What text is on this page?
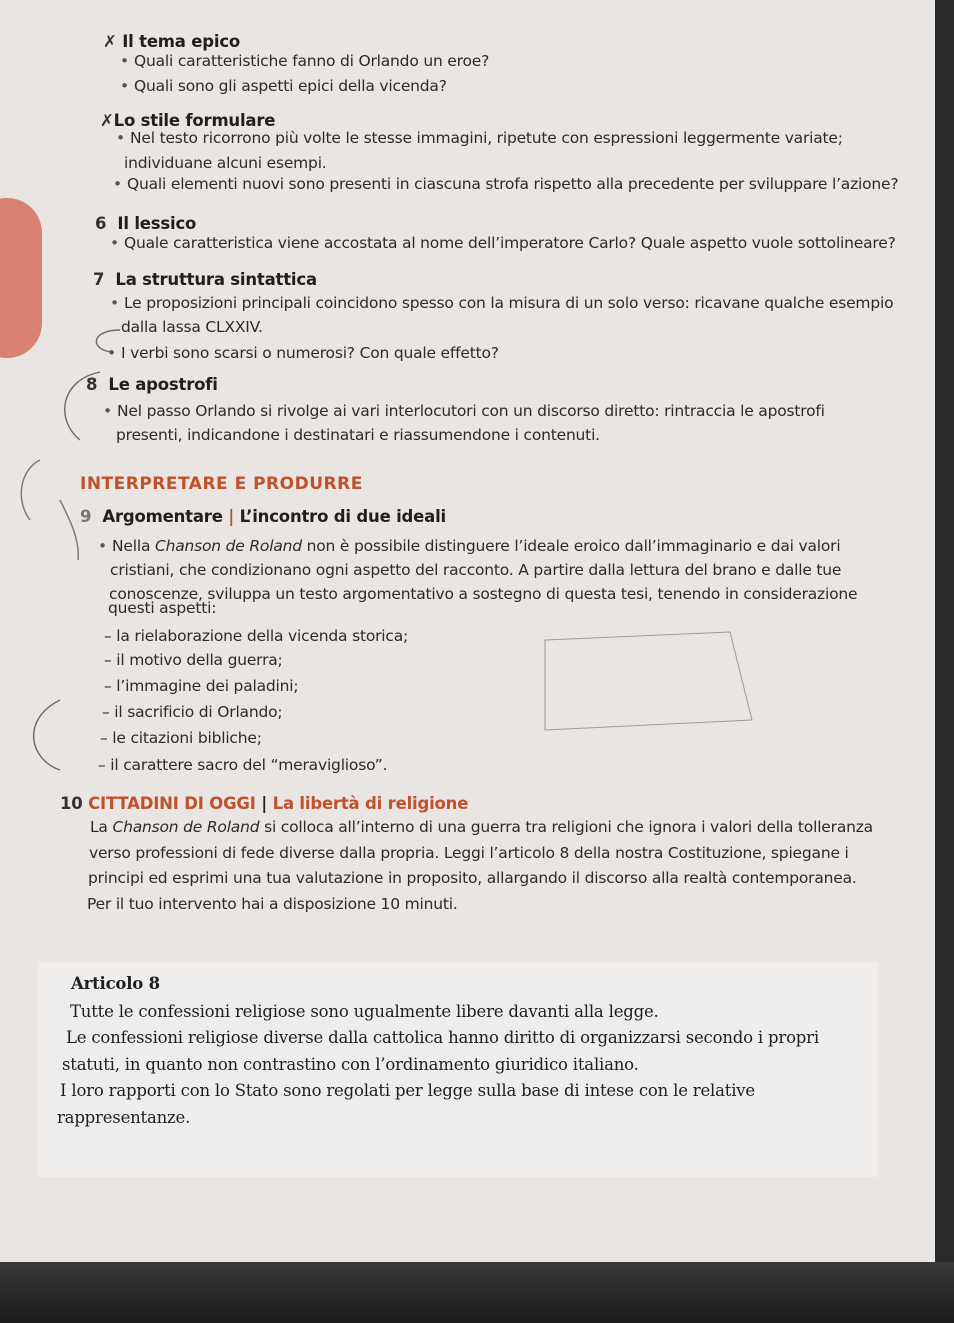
✗ Il tema epico
• Quali caratteristiche fanno di Orlando un eroe?
• Quali sono gli aspetti epici della vicenda?
✗Lo stile formulare
• Nel testo ricorrono più volte le stesse immagini, ripetute con espressioni leggermente variate;
individuane alcuni esempi.
• Quali elementi nuovi sono presenti in ciascuna strofa rispetto alla precedente per sviluppare l’azione?
6 Il lessico
• Quale caratteristica viene accostata al nome dell’imperatore Carlo? Quale aspetto vuole sottolineare?
7 La struttura sintattica
• Le proposizioni principali coincidono spesso con la misura di un solo verso: ricavane qualche esempio
dalla lassa CLXXIV.
• I verbi sono scarsi o numerosi? Con quale effetto?
8 Le apostrofi
• Nel passo Orlando si rivolge ai vari interlocutori con un discorso diretto: rintraccia le apostrofi
presenti, indicandone i destinatari e riassumendone i contenuti.
INTERPRETARE E PRODURRE
9 Argomentare | L’incontro di due ideali
• Nella Chanson de Roland non è possibile distinguere l’ideale eroico dall’immaginario e dai valori
cristiani, che condizionano ogni aspetto del racconto. A partire dalla lettura del brano e dalle tue
conoscenze, sviluppa un testo argomentativo a sostegno di questa tesi, tenendo in considerazione
questi aspetti:
– la rielaborazione della vicenda storica;
– il motivo della guerra;
– l’immagine dei paladini;
– il sacrificio di Orlando;
– le citazioni bibliche;
– il carattere sacro del “meraviglioso”.
10 CITTADINI DI OGGI | La libertà di religione
La Chanson de Roland si colloca all’interno di una guerra tra religioni che ignora i valori della tolleranza
verso professioni di fede diverse dalla propria. Leggi l’articolo 8 della nostra Costituzione, spiegane i
principi ed esprimi una tua valutazione in proposito, allargando il discorso alla realtà contemporanea.
Per il tuo intervento hai a disposizione 10 minuti.
Articolo 8
Tutte le confessioni religiose sono ugualmente libere davanti alla legge.
Le confessioni religiose diverse dalla cattolica hanno diritto di organizzarsi secondo i propri
statuti, in quanto non contrastino con l’ordinamento giuridico italiano.
I loro rapporti con lo Stato sono regolati per legge sulla base di intese con le relative
rappresentanze.
